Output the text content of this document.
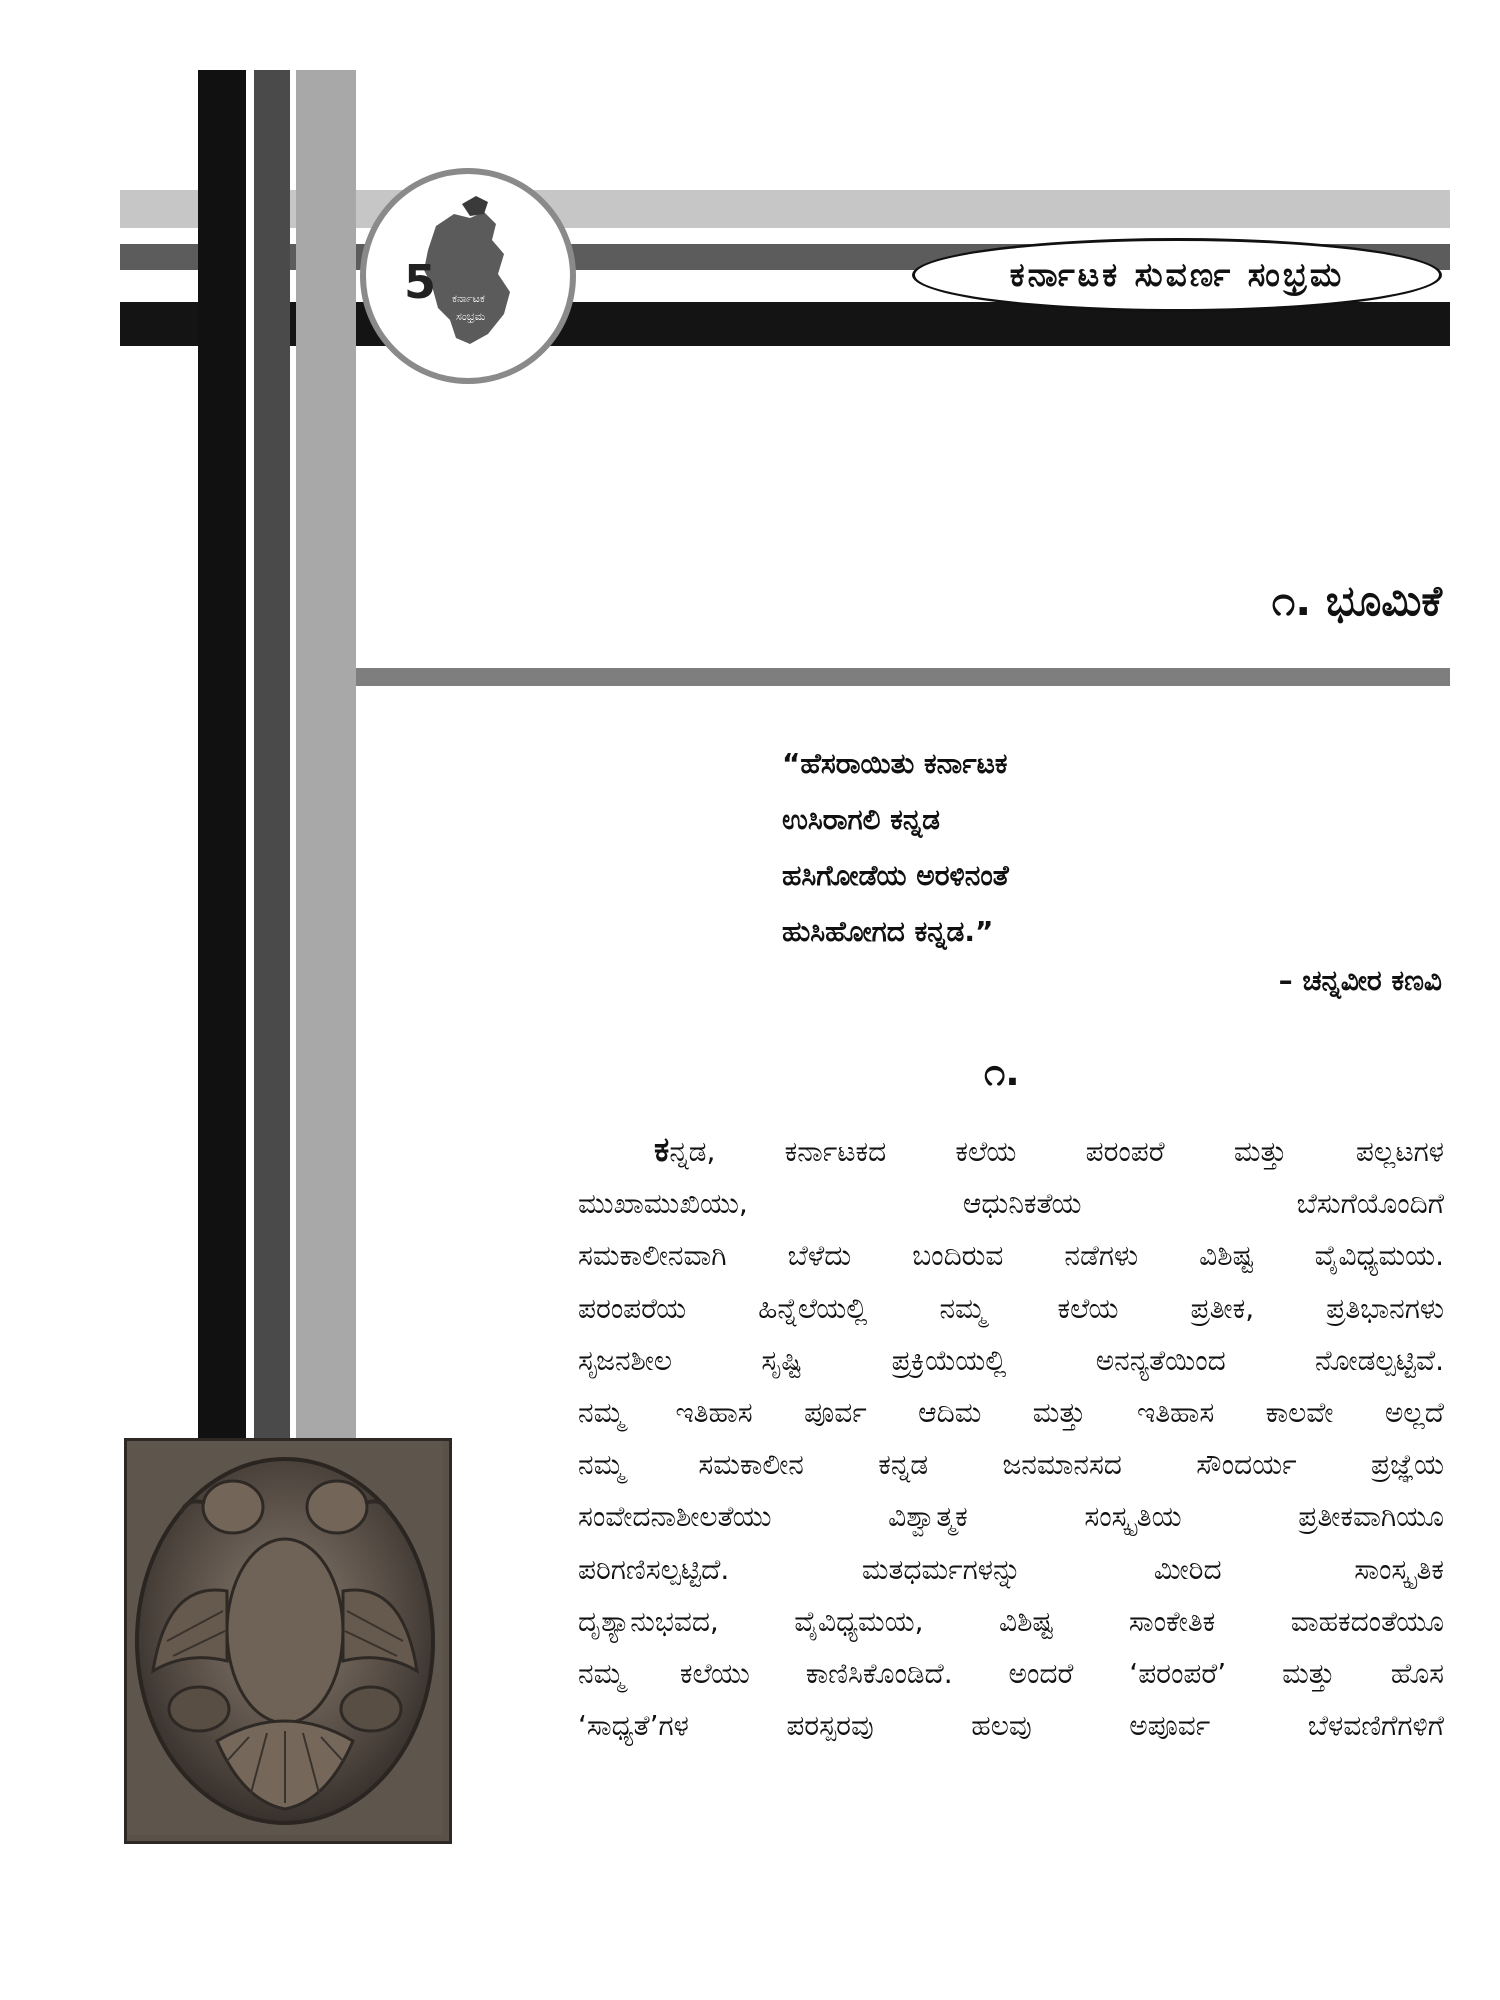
5 ಕರ್ನಾಟಕ
ಸಂಭ್ರಮ
ಕರ್ನಾಟಕ ಸುವರ್ಣ ಸಂಭ್ರಮ
೧. ಭೂಮಿಕೆ
“ಹೆಸರಾಯಿತು ಕರ್ನಾಟಕ
ಉಸಿರಾಗಲಿ ಕನ್ನಡ
ಹಸಿಗೋಡೆಯ ಅರಳಿನಂತೆ
ಹುಸಿಹೋಗದ ಕನ್ನಡ.”
– ಚನ್ನವೀರ ಕಣವಿ
೧.
ಕನ್ನಡ, ಕರ್ನಾಟಕದ ಕಲೆಯ ಪರಂಪರೆ ಮತ್ತು ಪಲ್ಲಟಗಳ
ಮುಖಾಮುಖಿಯು, ಆಧುನಿಕತೆಯ ಬೆಸುಗೆಯೊಂದಿಗೆ
ಸಮಕಾಲೀನವಾಗಿ ಬೆಳೆದು ಬಂದಿರುವ ನಡೆಗಳು ವಿಶಿಷ್ಟ ವೈವಿಧ್ಯಮಯ.
ಪರಂಪರೆಯ ಹಿನ್ನೆಲೆಯಲ್ಲಿ ನಮ್ಮ ಕಲೆಯ ಪ್ರತೀಕ, ಪ್ರತಿಭಾನಗಳು
ಸೃಜನಶೀಲ ಸೃಷ್ಟಿ ಪ್ರಕ್ರಿಯೆಯಲ್ಲಿ ಅನನ್ಯತೆಯಿಂದ ನೋಡಲ್ಪಟ್ಟಿವೆ.
ನಮ್ಮ ಇತಿಹಾಸ ಪೂರ್ವ ಆದಿಮ ಮತ್ತು ಇತಿಹಾಸ ಕಾಲವೇ ಅಲ್ಲದೆ
ನಮ್ಮ ಸಮಕಾಲೀನ ಕನ್ನಡ ಜನಮಾನಸದ ಸೌಂದರ್ಯ ಪ್ರಜ್ಞೆಯ
ಸಂವೇದನಾಶೀಲತೆಯು ವಿಶ್ವಾತ್ಮಕ ಸಂಸ್ಕೃತಿಯ ಪ್ರತೀಕವಾಗಿಯೂ
ಪರಿಗಣಿಸಲ್ಪಟ್ಟಿದೆ. ಮತಧರ್ಮಗಳನ್ನು ಮೀರಿದ ಸಾಂಸ್ಕೃತಿಕ
ದೃಶ್ಯಾನುಭವದ, ವೈವಿಧ್ಯಮಯ, ವಿಶಿಷ್ಟ ಸಾಂಕೇತಿಕ ವಾಹಕದಂತೆಯೂ
ನಮ್ಮ ಕಲೆಯು ಕಾಣಿಸಿಕೊಂಡಿದೆ. ಅಂದರೆ ‘ಪರಂಪರೆ’ ಮತ್ತು ಹೊಸ
‘ಸಾಧ್ಯತೆ’ಗಳ ಪರಸ್ಪರವು ಹಲವು ಅಪೂರ್ವ ಬೆಳವಣಿಗೆಗಳಿಗೆ
